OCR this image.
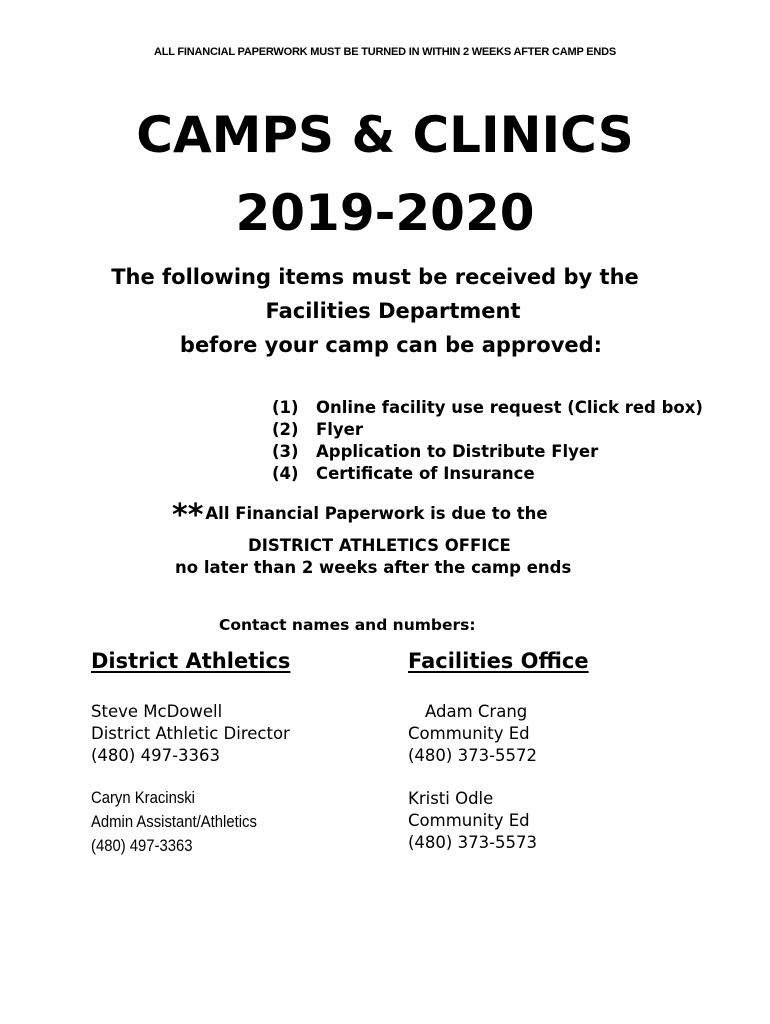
ALL FINANCIAL PAPERWORK MUST BE TURNED IN WITHIN 2 WEEKS AFTER CAMP ENDS
CAMPS & CLINICS
2019-2020
The following items must be received by the
Facilities Department
before your camp can be approved:
(1) Online facility use request (Click red box)
(2) Flyer
(3) Application to Distribute Flyer
(4) Certificate of Insurance
** All Financial Paperwork is due to the
DISTRICT ATHLETICS OFFICE
no later than 2 weeks after the camp ends
Contact names and numbers:
District Athletics	Facilities Office
Steve McDowell
District Athletic Director
(480) 497-3363
Caryn Kracinski
Admin Assistant/Athletics
(480) 497-3363
Adam Crang
Community Ed
(480) 373-5572
Kristi Odle
Community Ed
(480) 373-5573
